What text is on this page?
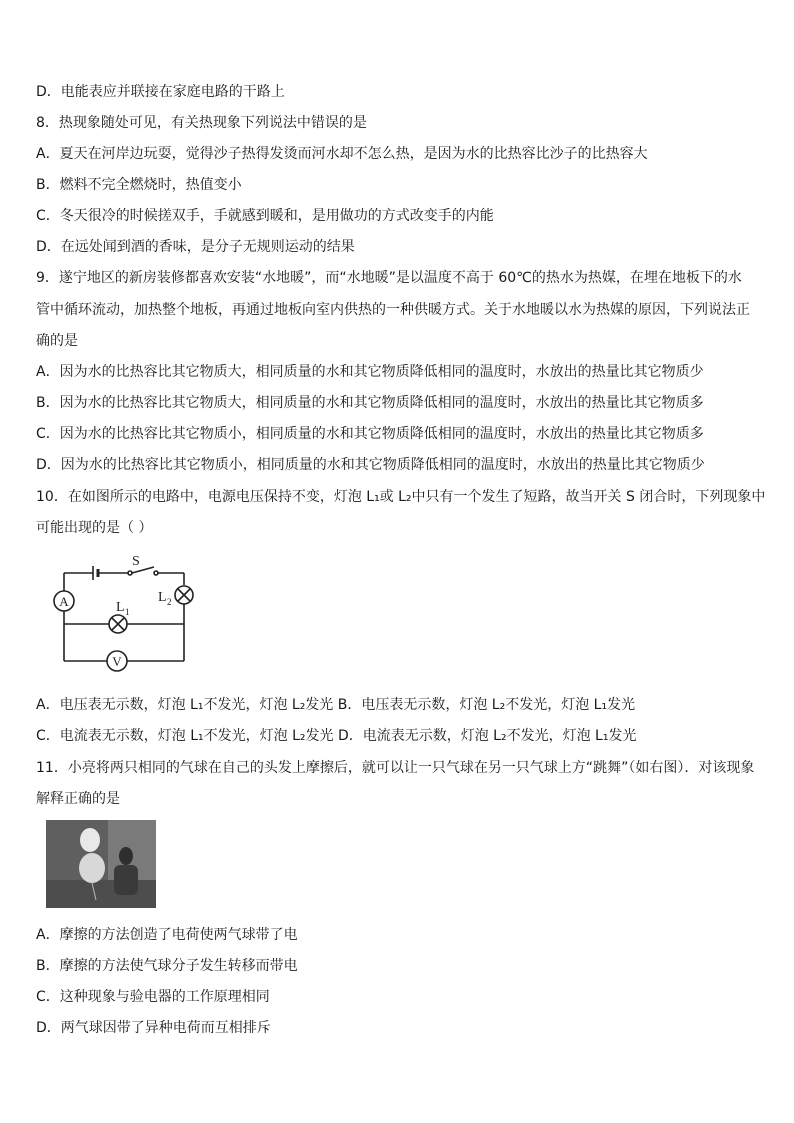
D．电能表应并联接在家庭电路的干路上
8．热现象随处可见，有关热现象下列说法中错误的是
A．夏天在河岸边玩耍，觉得沙子热得发烫而河水却不怎么热，是因为水的比热容比沙子的比热容大
B．燃料不完全燃烧时，热值变小
C．冬天很冷的时候搓双手，手就感到暖和，是用做功的方式改变手的内能
D．在远处闻到酒的香味，是分子无规则运动的结果
9．遂宁地区的新房装修都喜欢安装“水地暖”，而“水地暖”是以温度不高于 60℃的热水为热媒，在埋在地板下的水
管中循环流动，加热整个地板，再通过地板向室内供热的一种供暖方式。关于水地暖以水为热媒的原因，下列说法正
确的是
A．因为水的比热容比其它物质大，相同质量的水和其它物质降低相同的温度时，水放出的热量比其它物质少
B．因为水的比热容比其它物质大，相同质量的水和其它物质降低相同的温度时，水放出的热量比其它物质多
C．因为水的比热容比其它物质小，相同质量的水和其它物质降低相同的温度时，水放出的热量比其它物质多
D．因为水的比热容比其它物质小，相同质量的水和其它物质降低相同的温度时，水放出的热量比其它物质少
10．在如图所示的电路中，电源电压保持不变，灯泡 L₁或 L₂中只有一个发生了短路，故当开关 S 闭合时，下列现象中
可能出现的是（ ）
S
A
V
L 1
L 2
A．电压表无示数，灯泡 L₁不发光，灯泡 L₂发光 B．电压表无示数，灯泡 L₂不发光，灯泡 L₁发光
C．电流表无示数，灯泡 L₁不发光，灯泡 L₂发光 D．电流表无示数，灯泡 L₂不发光，灯泡 L₁发光
11．小亮将两只相同的气球在自己的头发上摩擦后，就可以让一只气球在另一只气球上方“跳舞”（如右图）．对该现象
解释正确的是
A．摩擦的方法创造了电荷使两气球带了电
B．摩擦的方法使气球分子发生转移而带电
C．这种现象与验电器的工作原理相同
D．两气球因带了异种电荷而互相排斥
